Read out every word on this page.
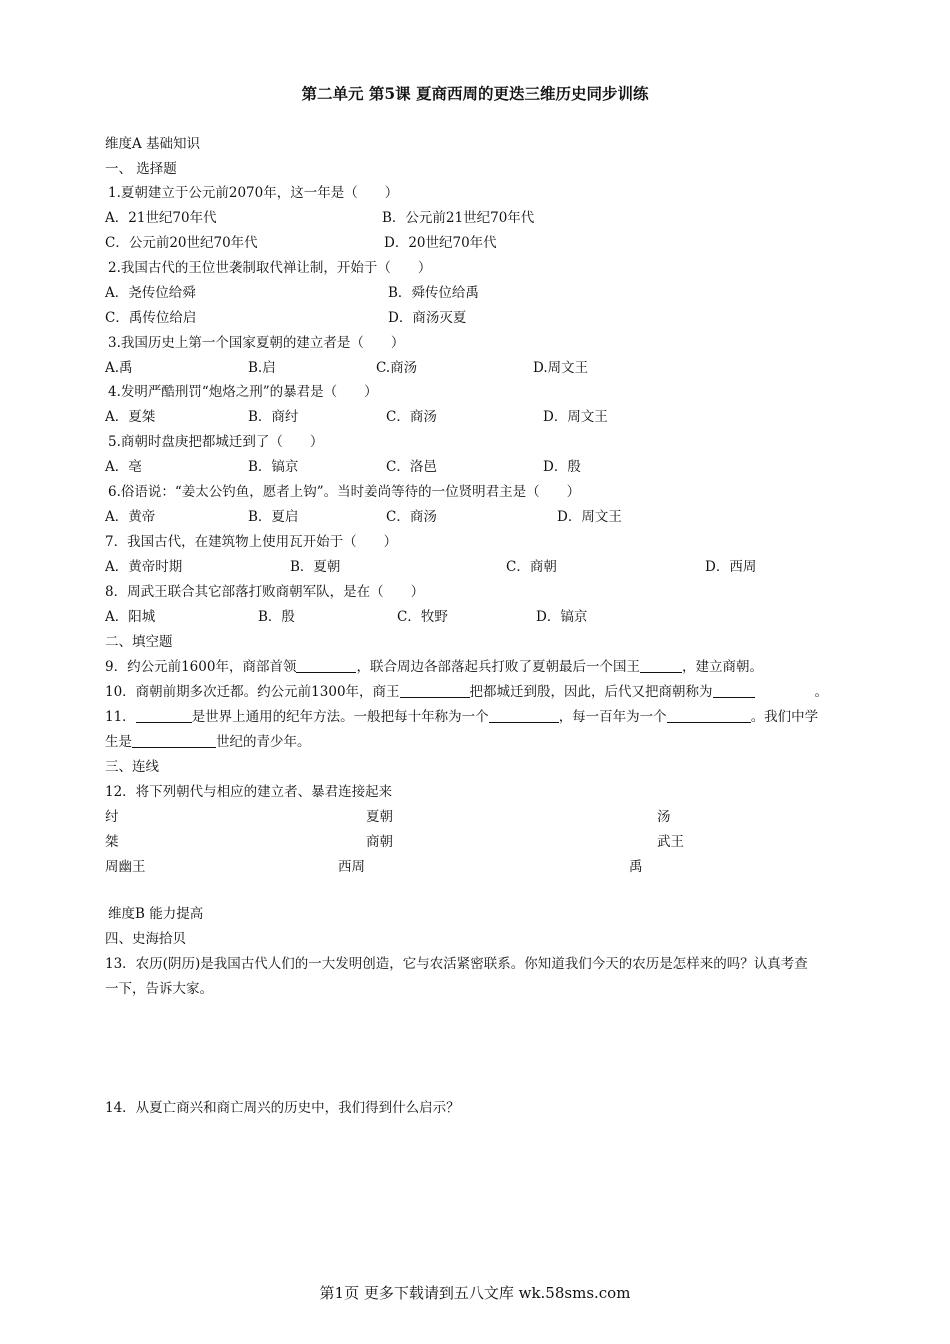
第二单元 第5课 夏商西周的更迭三维历史同步训练
维度A 基础知识
一、 选择题
1.夏朝建立于公元前2070年，这一年是（　　）
A．21世纪70年代	B．公元前21世纪70年代
C．公元前20世纪70年代	D．20世纪70年代
2.我国古代的王位世袭制取代禅让制，开始于（　　）
A．尧传位给舜	B．舜传位给禹
C．禹传位给启	D．商汤灭夏
3.我国历史上第一个国家夏朝的建立者是（　　）
A.禹	B.启	C.商汤	D.周文王
4.发明严酷刑罚“炮烙之刑”的暴君是（　　）
A．夏桀	B．商纣	C．商汤	D．周文王
5.商朝时盘庚把都城迁到了（　　）
A．亳	B．镐京	C．洛邑	D．殷
6.俗语说：“姜太公钓鱼，愿者上钩”。当时姜尚等待的一位贤明君主是（　　）
A．黄帝	B．夏启	C．商汤	D．周文王
7．我国古代，在建筑物上使用瓦开始于（　　）
A．黄帝时期	B．夏朝	C．商朝	D．西周
8．周武王联合其它部落打败商朝军队，是在（　　）
A．阳城	B．殷	C．牧野	D．镐京
二、填空题
9．约公元前1600年，商部首领	，联合周边各部落起兵打败了夏朝最后一个国王	，建立商朝。
10．商朝前期多次迁都。约公元前1300年，商王	把都城迁到殷，因此，后代又把商朝称为	。
11．	是世界上通用的纪年方法。一般把每十年称为一个	，每一百年为一个	。我们中学
生是	世纪的青少年。
三、连线
12．将下列朝代与相应的建立者、暴君连接起来
纣	夏朝	汤
桀	商朝	武王
周幽王	西周	禹
维度B 能力提高
四、史海拾贝
13．农历(阴历)是我国古代人们的一大发明创造，它与农活紧密联系。你知道我们今天的农历是怎样来的吗？认真考查
一下，告诉大家。
14．从夏亡商兴和商亡周兴的历史中，我们得到什么启示？
第1页 更多下载请到五八文库 wk.58sms.com
